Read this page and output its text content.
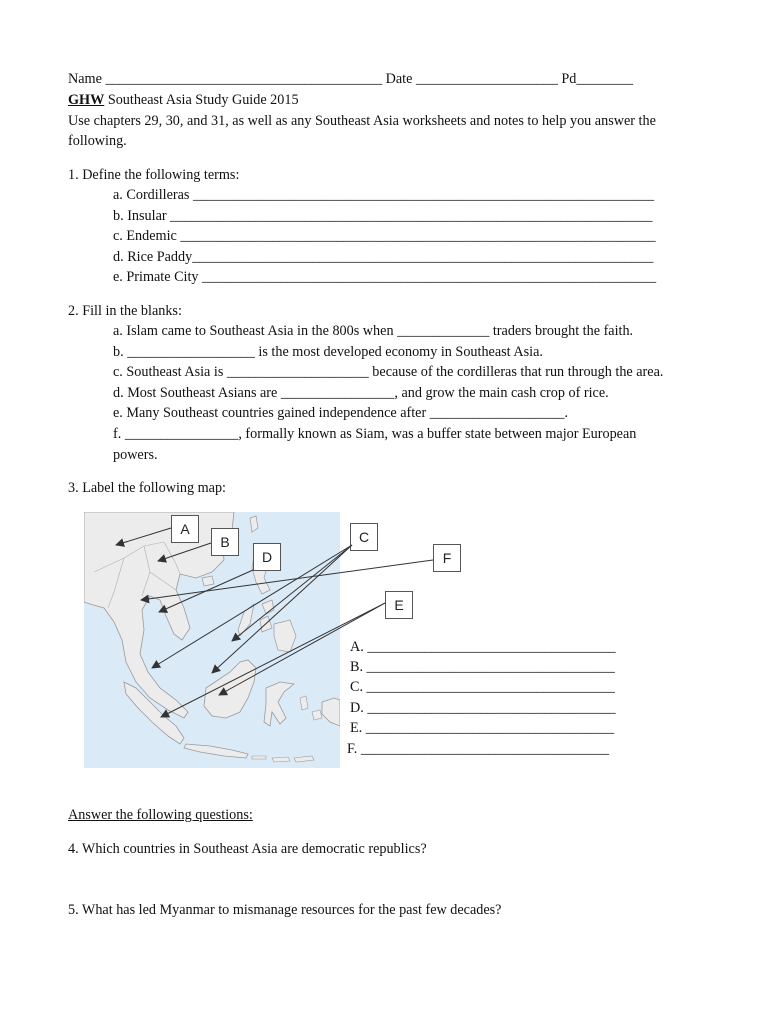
Name _______________________________________ Date ____________________ Pd________
GHW Southeast Asia Study Guide 2015
Use chapters 29, 30, and 31, as well as any Southeast Asia worksheets and notes to help you answer the
following.
1. Define the following terms:
a. Cordilleras _________________________________________________________________
b. Insular ____________________________________________________________________
c. Endemic ___________________________________________________________________
d. Rice Paddy_________________________________________________________________
e. Primate City ________________________________________________________________
2. Fill in the blanks:
a. Islam came to Southeast Asia in the 800s when _____________ traders brought the faith.
b. __________________ is the most developed economy in Southeast Asia.
c. Southeast Asia is ____________________ because of the cordilleras that run through the area.
d. Most Southeast Asians are ________________, and grow the main cash crop of rice.
e. Many Southeast countries gained independence after ___________________.
f. ________________, formally known as Siam, was a buffer state between major European
powers.
3. Label the following map:
A
B	C
D
E
F
A. ___________________________________
B. ___________________________________
C. ___________________________________
D. ___________________________________
E. ___________________________________
F. ___________________________________
Answer the following questions:
4. Which countries in Southeast Asia are democratic republics?
5. What has led Myanmar to mismanage resources for the past few decades?
